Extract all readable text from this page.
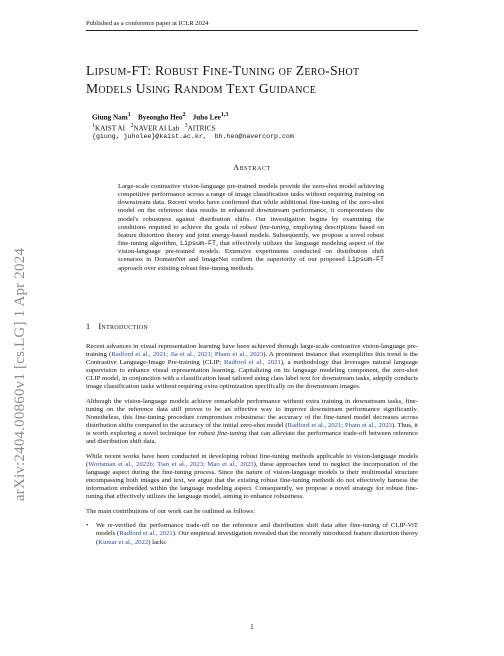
Published as a conference paper at ICLR 2024
arXiv:2404.00860v1 [cs.LG] 1 Apr 2024
Lipsum-FT: Robust Fine-Tuning of Zero-Shot
Models Using Random Text Guidance
Giung Nam$^1$ Byeongho Heo$^2$ Juho Lee$^{1,3}$
$^1$KAIST AI $^2$NAVER AI Lab $^3$AITRICS
{giung, juholee}@kaist.ac.kr, bh.heo@navercorp.com
Abstract
Large-scale contrastive vision-language pre-trained models provide the zero-shot model achieving competitive performance across a range of image classification tasks without requiring training on downstream data. Recent works have confirmed that while additional fine-tuning of the zero-shot model on the reference data results in enhanced downstream performance, it compromises the model's robustness against distribution shifts. Our investigation begins by examining the conditions required to achieve the goals of robust fine-tuning, employing descriptions based on feature distortion theory and joint energy-based models. Subsequently, we propose a novel robust fine-tuning algorithm, Lipsum-FT, that effectively utilizes the language modeling aspect of the vision-language pre-trained models. Extensive experiments conducted on distribution shift scenarios in DomainNet and ImageNet confirm the superiority of our proposed Lipsum-FT approach over existing robust fine-tuning methods.
1 Introduction

Recent advances in visual representation learning have been achieved through large-scale contrastive vision-language pre-training (Radford et al., 2021; Jia et al., 2021; Pham et al., 2023). A prominent instance that exemplifies this trend is the Contrastive Language-Image Pre-training (CLIP; Radford et al., 2021), a methodology that leverages natural language supervision to enhance visual representation learning. Capitalizing on its language modeling component, the zero-shot CLIP model, in conjunction with a classification head tailored using class label text for downstream tasks, adeptly conducts image classification tasks without requiring extra optimization specifically on the downstream images.

Although the vision-language models achieve remarkable performance without extra training in downstream tasks, fine-tuning on the reference data still proves to be an effective way to improve downstream performance significantly. Nonetheless, this fine-tuning procedure compromises robustness: the accuracy of the fine-tuned model decreases across distribution shifts compared to the accuracy of the initial zero-shot model (Radford et al., 2021; Pham et al., 2023). Thus, it is worth exploring a novel technique for robust fine-tuning that can alleviate the performance trade-off between reference and distribution shift data.

While recent works have been conducted in developing robust fine-tuning methods applicable to vision-language models (Wortsman et al., 2022b; Tian et al., 2023; Mao et al., 2023), these approaches tend to neglect the incorporation of the language aspect during the fine-tuning process. Since the nature of vision-language models is their multimodal structure encompassing both images and text, we argue that the existing robust fine-tuning methods do not effectively harness the information embedded within the language modeling aspect. Consequently, we propose a novel strategy for robust fine-tuning that effectively utilizes the language model, aiming to enhance robustness.

The main contributions of our work can be outlined as follows:

• We re-verified the performance trade-off on the reference and distribution shift data after fine-tuning of CLIP-ViT models (Radford et al., 2021). Our empirical investigation revealed that the recently introduced feature distortion theory (Kumar et al., 2022) lacks

1
